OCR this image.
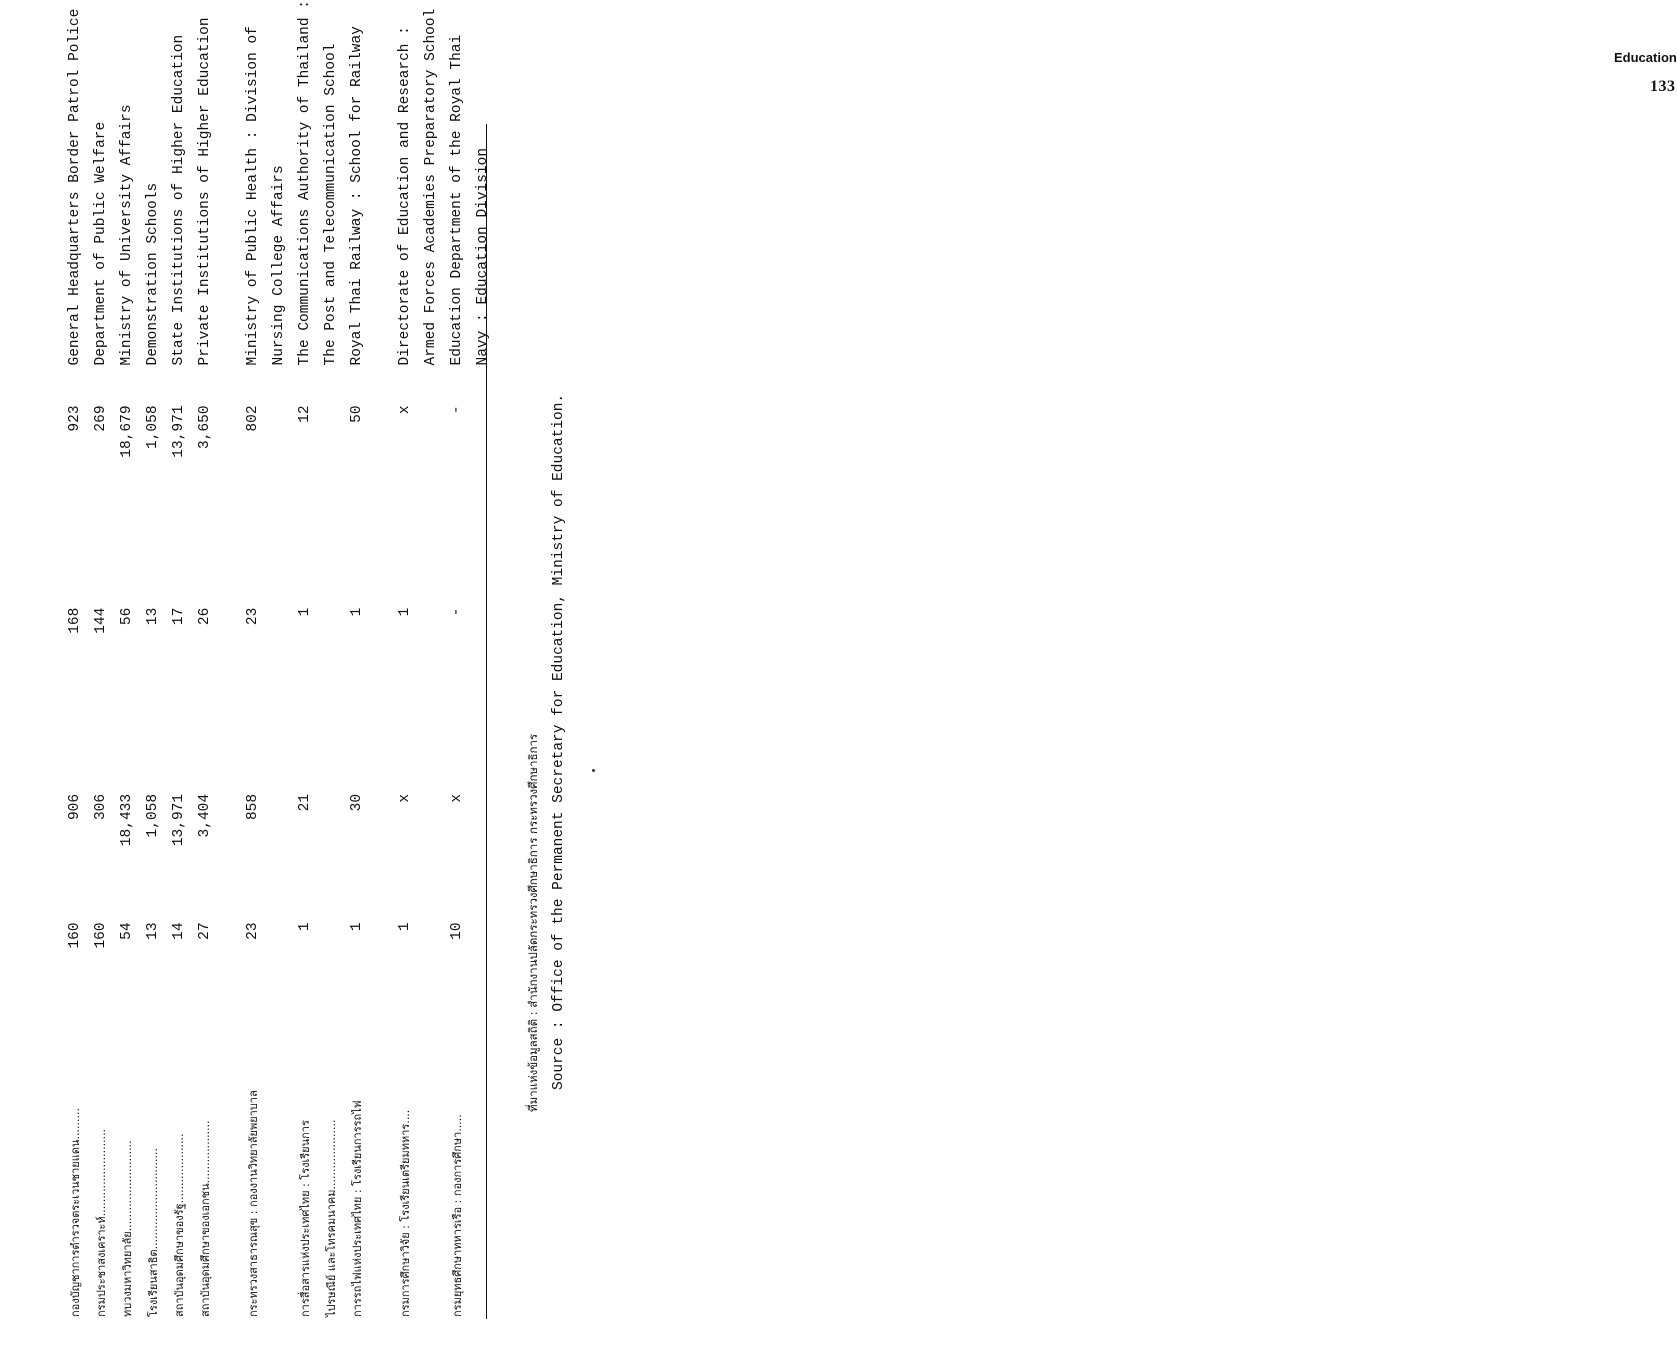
Education
133
กองบัญชาการตำรวจตระเวนชายแดน.........	160	906	168	923	General Headquarters Border Patrol Police
กรมประชาสงเคราะห์.........................	160	306	144	269	Department of Public Welfare
ทบวงมหาวิทยาลัย..........................	54	18,433	56	18,679	Ministry of University Affairs
โรงเรียนสาธิต.............................	13	1,058	13	1,058	Demonstration Schools
สถาบันอุดมศึกษาของรัฐ....................	14	13,971	17	13,971	State Institutions of Higher Education
สถาบันอุดมศึกษาของเอกชน..................	27	3,404	26	3,650	Private Institutions of Higher Education

กระทรวงสาธารณสุข : กองงานวิทยาลัยพยาบาล	23	858	23	802	Ministry of Public Health : Division of
					Nursing College Affairs
การสื่อสารแห่งประเทศไทย : โรงเรียนการ	1	21	1	12	The Communications Authority of Thailand :
ไปรษณีย์ และโทรคมนาคม....................					The Post and Telecommunication School
การรถไฟแห่งประเทศไทย : โรงเรียนการรถไฟ	1	30	1	50	Royal Thai Railway : School for Railway

กรมการศึกษาวิจัย : โรงเรียนเตรียมทหาร....	1	x	1	x	Directorate of Education and Research :
					Armed Forces Academies Preparatory School
กรมยุทธศึกษาทหารเรือ : กองการศึกษา.....	10	x	-	-	Education Department of the Royal Thai
					Navy : Education Division
ที่มาแห่งข้อมูลสถิติ : สำนักงานปลัดกระทรวงศึกษาธิการ กระทรวงศึกษาธิการ Source : Office of the Permanent Secretary for Education, Ministry of Education.
